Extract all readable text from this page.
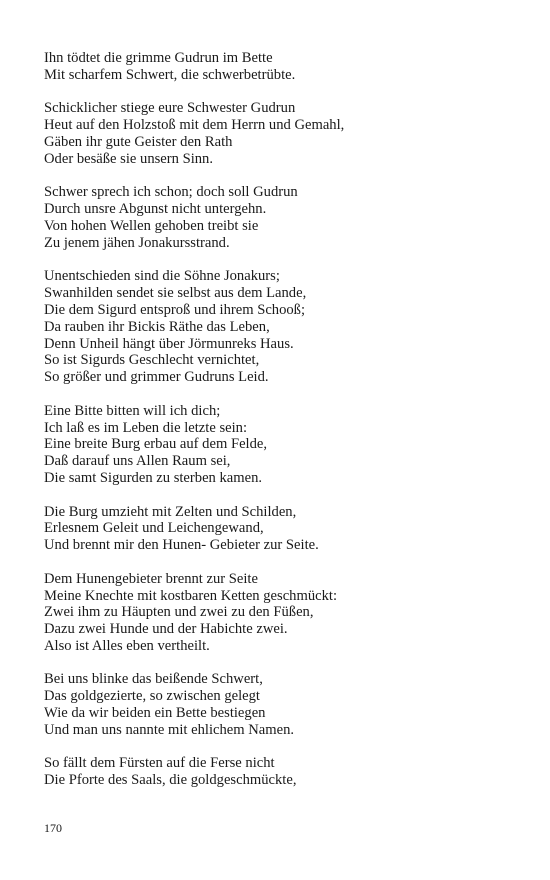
Ihn tödtet die grimme Gudrun im Bette
Mit scharfem Schwert, die schwerbetrübte.
Schicklicher stiege eure Schwester Gudrun
Heut auf den Holzstoß mit dem Herrn und Gemahl,
Gäben ihr gute Geister den Rath
Oder besäße sie unsern Sinn.
Schwer sprech ich schon; doch soll Gudrun
Durch unsre Abgunst nicht untergehn.
Von hohen Wellen gehoben treibt sie
Zu jenem jähen Jonakursstrand.
Unentschieden sind die Söhne Jonakurs;
Swanhilden sendet sie selbst aus dem Lande,
Die dem Sigurd entsproß und ihrem Schooß;
Da rauben ihr Bickis Räthe das Leben,
Denn Unheil hängt über Jörmunreks Haus.
So ist Sigurds Geschlecht vernichtet,
So größer und grimmer Gudruns Leid.
Eine Bitte bitten will ich dich;
Ich laß es im Leben die letzte sein:
Eine breite Burg erbau auf dem Felde,
Daß darauf uns Allen Raum sei,
Die samt Sigurden zu sterben kamen.
Die Burg umzieht mit Zelten und Schilden,
Erlesnem Geleit und Leichengewand,
Und brennt mir den Hunen- Gebieter zur Seite.
Dem Hunengebieter brennt zur Seite
Meine Knechte mit kostbaren Ketten geschmückt:
Zwei ihm zu Häupten und zwei zu den Füßen,
Dazu zwei Hunde und der Habichte zwei.
Also ist Alles eben vertheilt.
Bei uns blinke das beißende Schwert,
Das goldgezierte, so zwischen gelegt
Wie da wir beiden ein Bette bestiegen
Und man uns nannte mit ehlichem Namen.
So fällt dem Fürsten auf die Ferse nicht
Die Pforte des Saals, die goldgeschmückte,
170
